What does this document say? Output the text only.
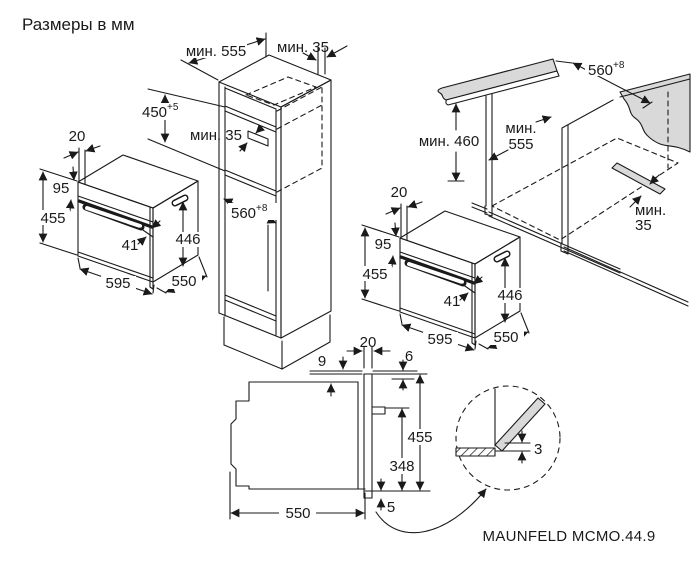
Размеры в мм
20
95
455
41 446
595	550
20
95
455
41 446
595	550
мин. 555 мин. 35
$450^{+5}$
мин. 35
$560^{+8}$
$560^{+8}$
мин. 460
мин.
555
мин.
35
9
20
6
455
348
550	5
3
MAUNFELD MCMO.44.9
